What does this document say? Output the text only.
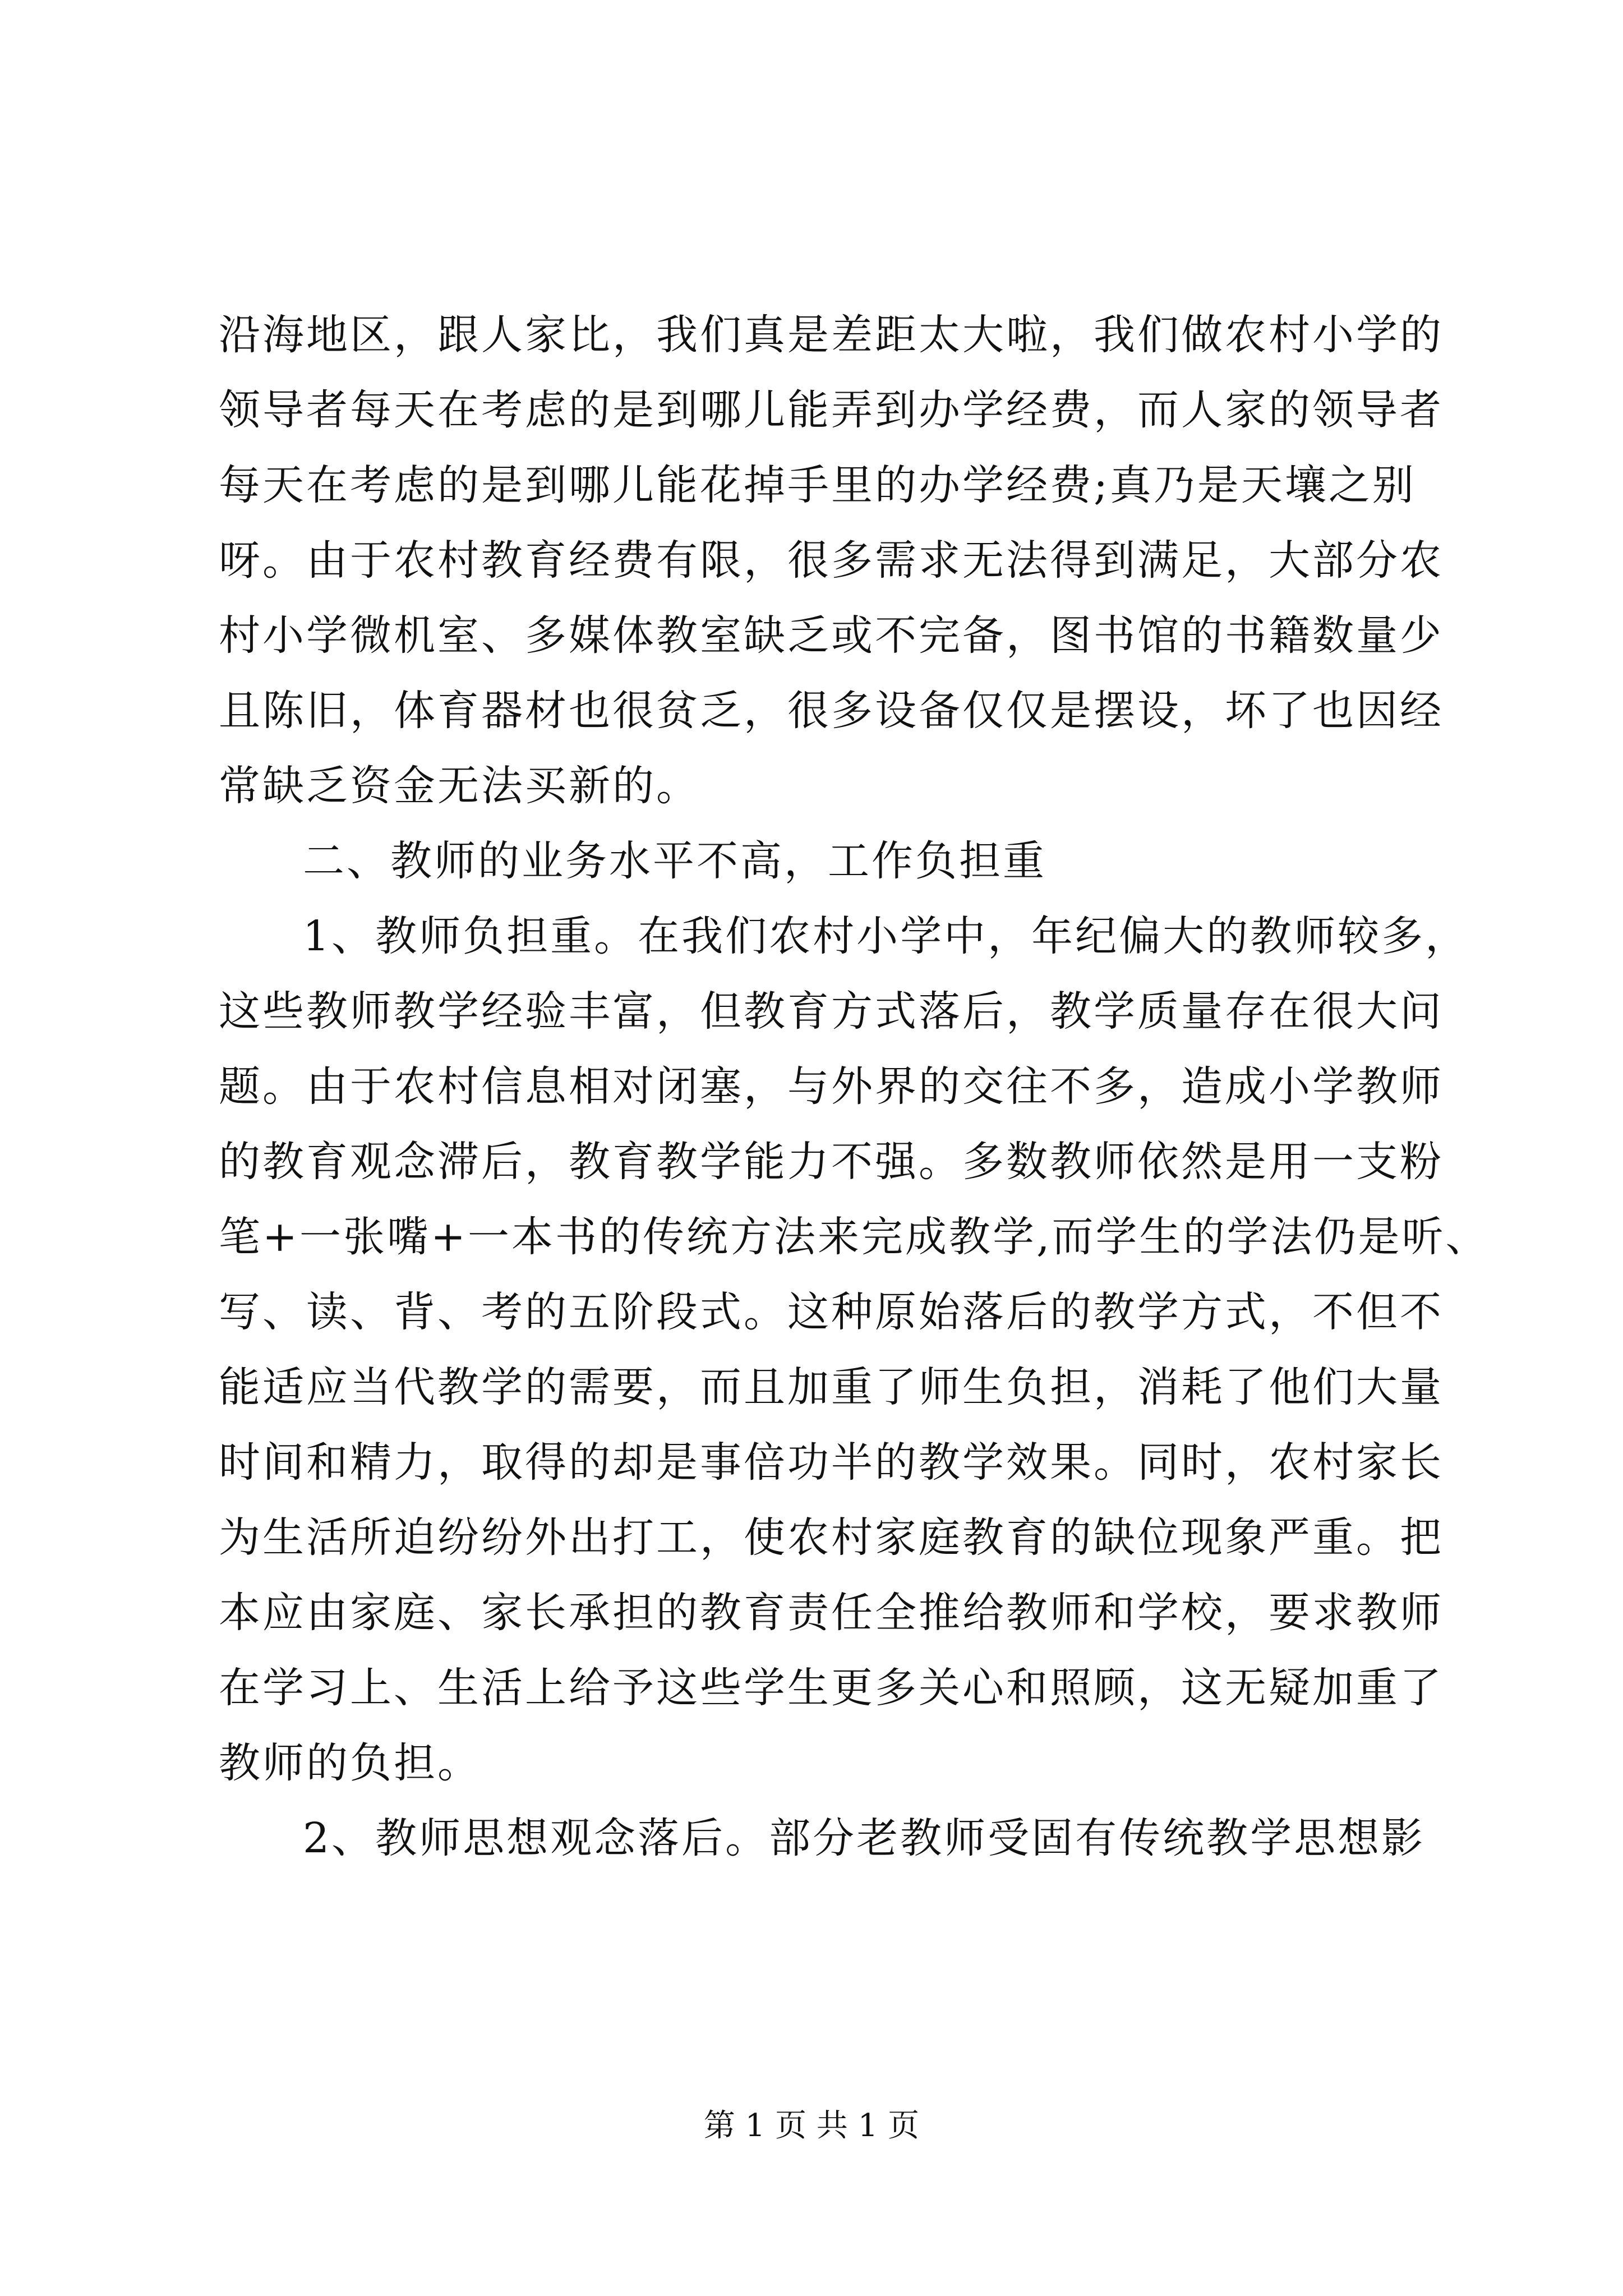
沿海地区，跟人家比，我们真是差距太大啦，我们做农村小学的
领导者每天在考虑的是到哪儿能弄到办学经费，而人家的领导者
每天在考虑的是到哪儿能花掉手里的办学经费;真乃是天壤之别
呀。由于农村教育经费有限，很多需求无法得到满足，大部分农
村小学微机室、多媒体教室缺乏或不完备，图书馆的书籍数量少
且陈旧，体育器材也很贫乏，很多设备仅仅是摆设，坏了也因经
常缺乏资金无法买新的。
二、教师的业务水平不高，工作负担重
1、教师负担重。在我们农村小学中，年纪偏大的教师较多，
这些教师教学经验丰富，但教育方式落后，教学质量存在很大问
题。由于农村信息相对闭塞，与外界的交往不多，造成小学教师
的教育观念滞后，教育教学能力不强。多数教师依然是用一支粉
笔+一张嘴+一本书的传统方法来完成教学,而学生的学法仍是听、
写、读、背、考的五阶段式。这种原始落后的教学方式，不但不
能适应当代教学的需要，而且加重了师生负担，消耗了他们大量
时间和精力，取得的却是事倍功半的教学效果。同时，农村家长
为生活所迫纷纷外出打工，使农村家庭教育的缺位现象严重。把
本应由家庭、家长承担的教育责任全推给教师和学校，要求教师
在学习上、生活上给予这些学生更多关心和照顾，这无疑加重了
教师的负担。
2、教师思想观念落后。部分老教师受固有传统教学思想影
第 1 页 共 1 页
